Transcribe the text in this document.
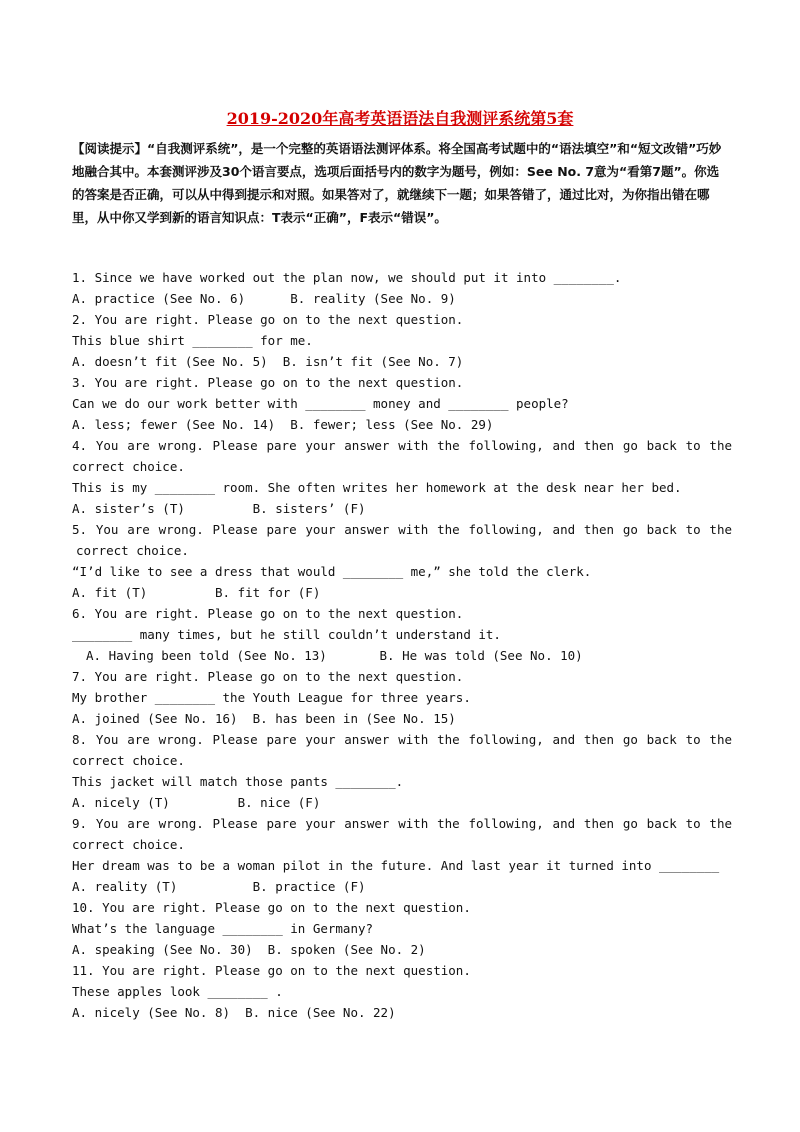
2019-2020年高考英语语法自我测评系统第5套

【阅读提示】“自我测评系统”，是一个完整的英语语法测评体系。将全国高考试题中的“语法填空”和“短文改错”巧妙地融合其中。本套测评涉及30个语言要点，选项后面括号内的数字为题号，例如：See No. 7意为“看第7题”。你选的答案是否正确，可以从中得到提示和对照。如果答对了，就继续下一题；如果答错了，通过比对，为你指出错在哪里，从中你又学到新的语言知识点：T表示“正确”，F表示“错误”。

1. Since we have worked out the plan now, we should put it into ________.
A. practice (See No. 6)      B. reality (See No. 9)
2. You are right. Please go on to the next question.
This blue shirt ________ for me.
A. doesn’t fit (See No. 5)  B. isn’t fit (See No. 7)
3. You are right. Please go on to the next question.
Can we do our work better with ________ money and ________ people?
A. less; fewer (See No. 14)  B. fewer; less (See No. 29)
4. You are wrong. Please pare your answer with the following, and then go back to the
correct choice.
This is my ________ room. She often writes her homework at the desk near her bed.
A. sister’s (T)         B. sisters’ (F)
5. You are wrong. Please pare your answer with the following, and then go back to the
correct choice.
“I’d like to see a dress that would ________ me,” she told the clerk.
A. fit (T)         B. fit for (F)
6. You are right. Please go on to the next question.
________ many times, but he still couldn’t understand it.
A. Having been told (See No. 13)       B. He was told (See No. 10)
7. You are right. Please go on to the next question.
My brother ________ the Youth League for three years.
A. joined (See No. 16)  B. has been in (See No. 15)
8. You are wrong. Please pare your answer with the following, and then go back to the
correct choice.
This jacket will match those pants ________.
A. nicely (T)         B. nice (F)
9. You are wrong. Please pare your answer with the following, and then go back to the
correct choice.
Her dream was to be a woman pilot in the future. And last year it turned into ________
A. reality (T)          B. practice (F)
10. You are right. Please go on to the next question.
What’s the language ________ in Germany?
A. speaking (See No. 30)  B. spoken (See No. 2)
11. You are right. Please go on to the next question.
These apples look ________ .
A. nicely (See No. 8)  B. nice (See No. 22)
